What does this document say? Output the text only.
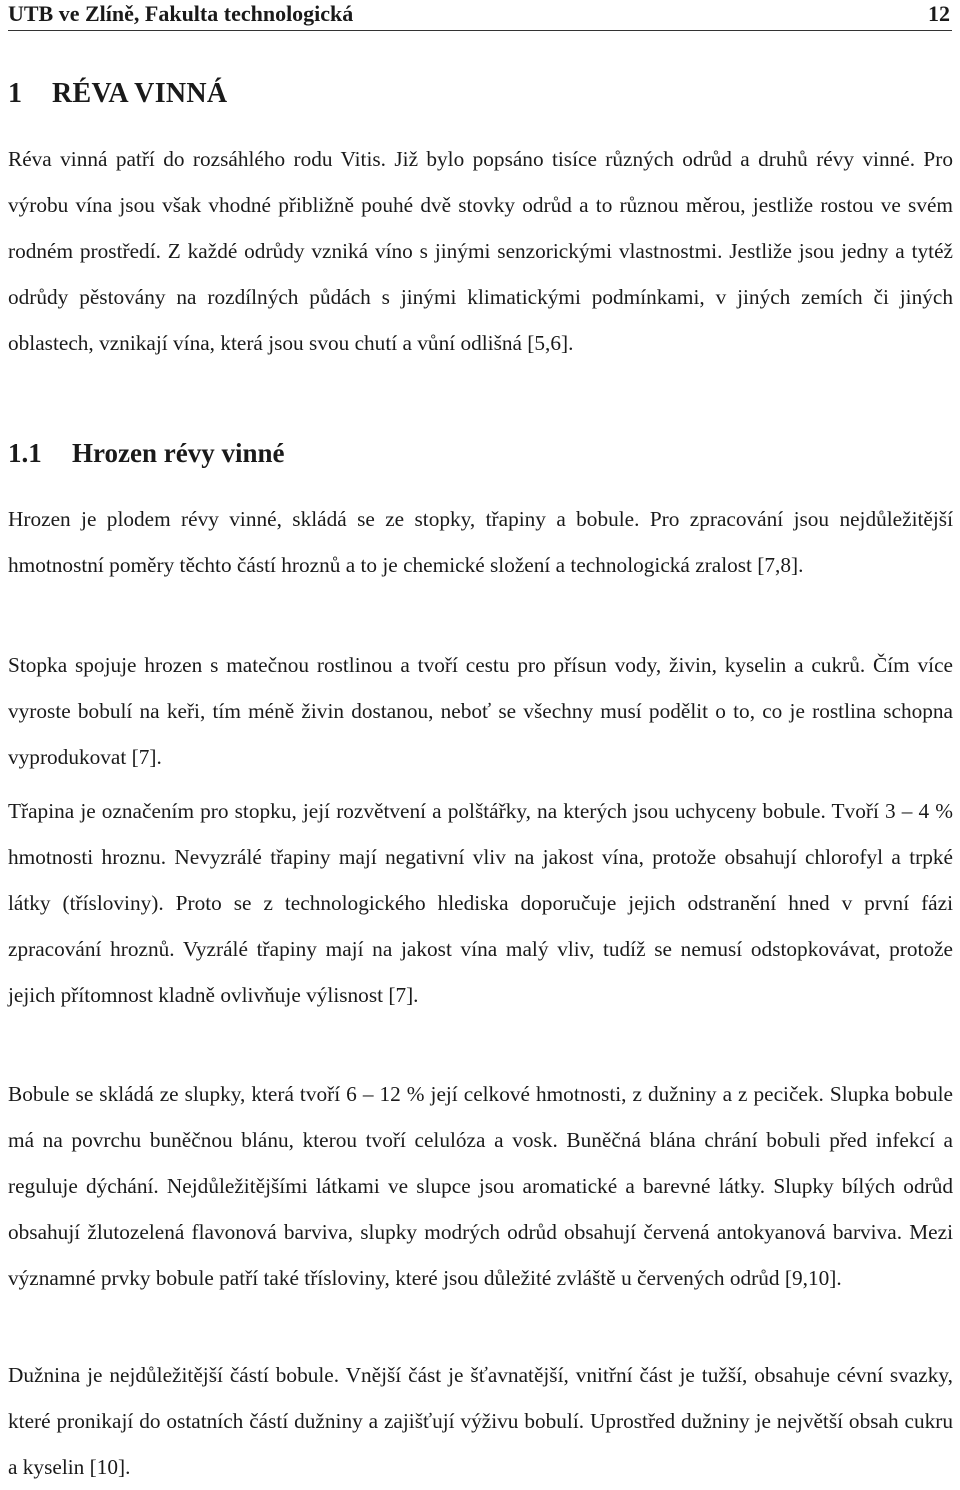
UTB ve Zlíně, Fakulta technologická	12
1 RÉVA VINNÁ

Réva vinná patří do rozsáhlého rodu Vitis. Již bylo popsáno tisíce různých odrůd a druhů révy vinné. Pro výrobu vína jsou však vhodné přibližně pouhé dvě stovky odrůd a to různou měrou, jestliže rostou ve svém rodném prostředí. Z každé odrůdy vzniká víno s jinými senzorickými vlastnostmi. Jestliže jsou jedny a tytéž odrůdy pěstovány na rozdílných půdách s jinými klimatickými podmínkami, v jiných zemích či jiných oblastech, vznikají vína, která jsou svou chutí a vůní odlišná [5,6].

1.1 Hrozen révy vinné

Hrozen je plodem révy vinné, skládá se ze stopky, třapiny a bobule. Pro zpracování jsou nejdůležitější hmotnostní poměry těchto částí hroznů a to je chemické složení a technologická zralost [7,8].

Stopka spojuje hrozen s matečnou rostlinou a tvoří cestu pro přísun vody, živin, kyselin a cukrů. Čím více vyroste bobulí na keři, tím méně živin dostanou, neboť se všechny musí podělit o to, co je rostlina schopna vyprodukovat [7].

Třapina je označením pro stopku, její rozvětvení a polštářky, na kterých jsou uchyceny bobule. Tvoří 3 – 4 % hmotnosti hroznu. Nevyzrálé třapiny mají negativní vliv na jakost vína, protože obsahují chlorofyl a trpké látky (třísloviny). Proto se z technologického hlediska doporučuje jejich odstranění hned v první fázi zpracování hroznů. Vyzrálé třapiny mají na jakost vína malý vliv, tudíž se nemusí odstopkovávat, protože jejich přítomnost kladně ovlivňuje výlisnost [7].

Bobule se skládá ze slupky, která tvoří 6 – 12 % její celkové hmotnosti, z dužniny a z peciček. Slupka bobule má na povrchu buněčnou blánu, kterou tvoří celulóza a vosk. Buněčná blána chrání bobuli před infekcí a reguluje dýchání. Nejdůležitějšími látkami ve slupce jsou aromatické a barevné látky. Slupky bílých odrůd obsahují žlutozelená flavonová barviva, slupky modrých odrůd obsahují červená antokyanová barviva. Mezi významné prvky bobule patří také třísloviny, které jsou důležité zvláště u červených odrůd [9,10].

Dužnina je nejdůležitější částí bobule. Vnější část je šťavnatější, vnitřní část je tužší, obsahuje cévní svazky, které pronikají do ostatních částí dužniny a zajišťují výživu bobulí. Uprostřed dužniny je největší obsah cukru a kyselin [10].
